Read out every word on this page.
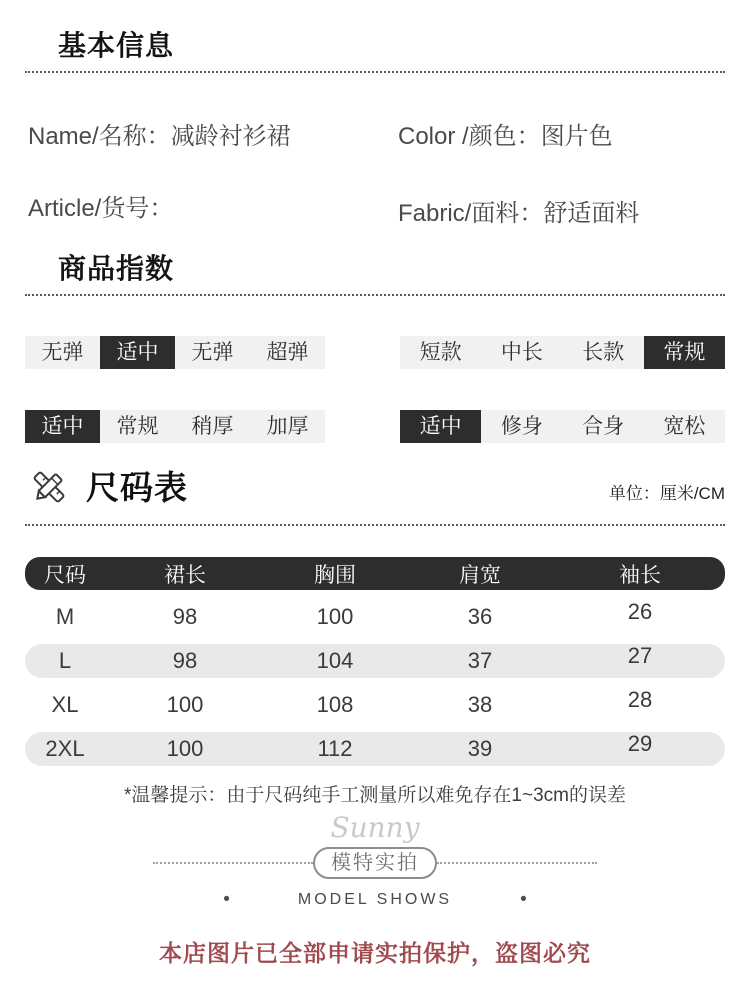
基本信息
Name/名称：减龄衬衫裙	Color /颜色：图片色
Article/货号：	Fabric/面料：舒适面料
商品指数
无弹	适中	无弹	超弹	短款	中长	长款	常规
适中	常规	稍厚	加厚	适中	修身	合身	宽松
尺码表	单位：厘米/CM
尺码	裙长	胸围	肩宽	袖长
M	98	100	36	26
L	98	104	37	27
XL	100	108	38	28
2XL	100	112	39	29
*温馨提示：由于尺码纯手工测量所以难免存在1~3cm的误差
Sunny
模特实拍
•	MODEL SHOWS	•
本店图片已全部申请实拍保护，盗图必究
